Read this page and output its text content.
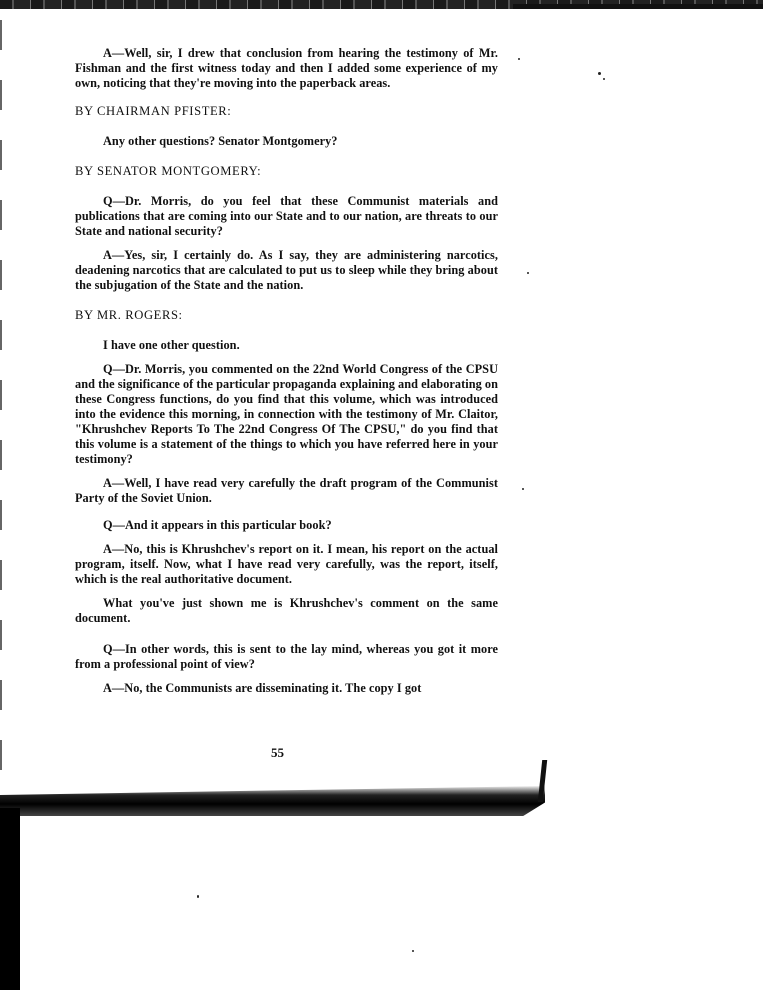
A—Well, sir, I drew that conclusion from hearing the testimony of Mr. Fishman and the first witness today and then I added some experience of my own, noticing that they're moving into the paperback areas.

BY CHAIRMAN PFISTER:

Any other questions? Senator Montgomery?

BY SENATOR MONTGOMERY:

Q—Dr. Morris, do you feel that these Communist materials and publications that are coming into our State and to our nation, are threats to our State and national security?

A—Yes, sir, I certainly do. As I say, they are administering narcotics, deadening narcotics that are calculated to put us to sleep while they bring about the subjugation of the State and the nation.

BY MR. ROGERS:

I have one other question.

Q—Dr. Morris, you commented on the 22nd World Congress of the CPSU and the significance of the particular propaganda explaining and elaborating on these Congress functions, do you find that this volume, which was introduced into the evidence this morning, in connection with the testimony of Mr. Claitor, "Khrushchev Reports To The 22nd Congress Of The CPSU," do you find that this volume is a statement of the things to which you have referred here in your testimony?

A—Well, I have read very carefully the draft program of the Communist Party of the Soviet Union.

Q—And it appears in this particular book?

A—No, this is Khrushchev's report on it. I mean, his report on the actual program, itself. Now, what I have read very carefully, was the report, itself, which is the real authoritative document.

What you've just shown me is Khrushchev's comment on the same document.

Q—In other words, this is sent to the lay mind, whereas you got it more from a professional point of view?

A—No, the Communists are disseminating it. The copy I got

55
